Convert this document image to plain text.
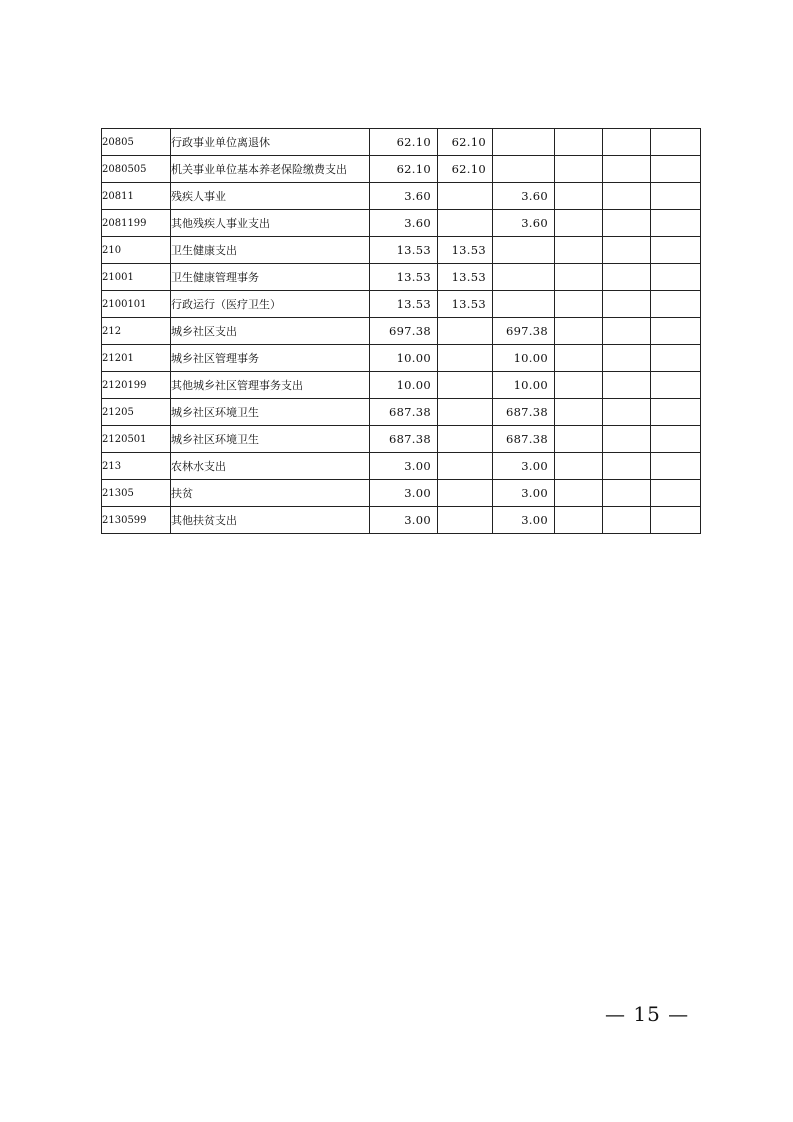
20805	行政事业单位离退休	62.10	62.10				
2080505	机关事业单位基本养老保险缴费支出	62.10	62.10				
20811	残疾人事业	3.60		3.60			
2081199	其他残疾人事业支出	3.60		3.60			
210	卫生健康支出	13.53	13.53				
21001	卫生健康管理事务	13.53	13.53				
2100101	行政运行（医疗卫生）	13.53	13.53				
212	城乡社区支出	697.38		697.38			
21201	城乡社区管理事务	10.00		10.00			
2120199	其他城乡社区管理事务支出	10.00		10.00			
21205	城乡社区环境卫生	687.38		687.38			
2120501	城乡社区环境卫生	687.38		687.38			
213	农林水支出	3.00		3.00			
21305	扶贫	3.00		3.00			
2130599	其他扶贫支出	3.00		3.00			
— 15 —
